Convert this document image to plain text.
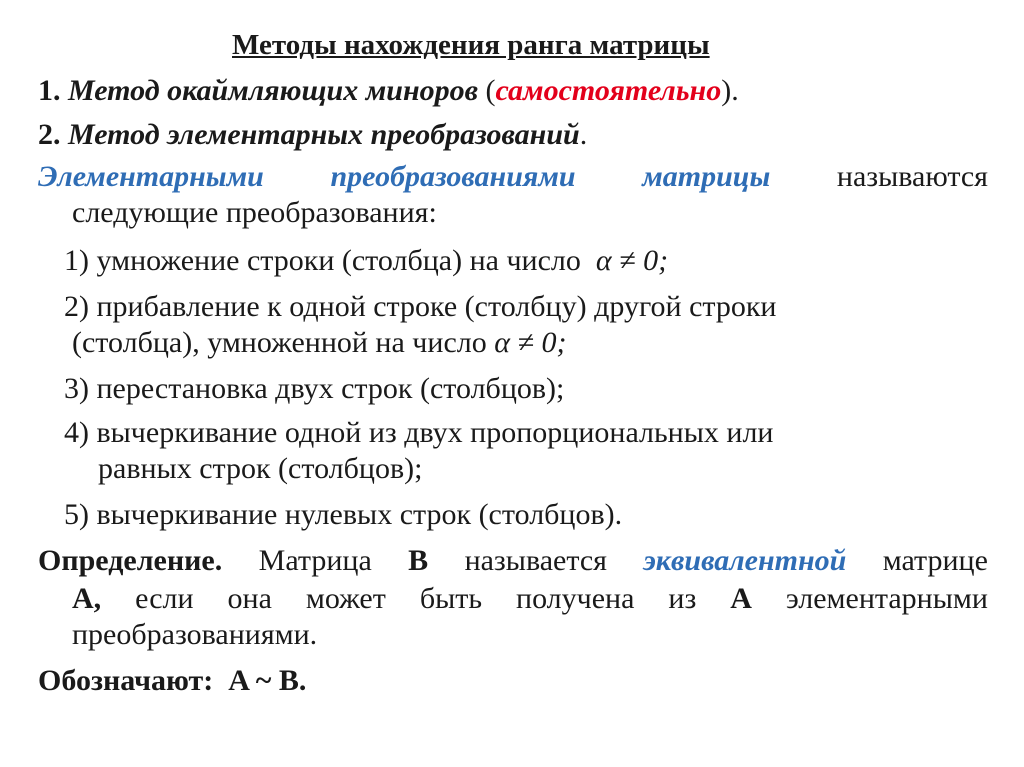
Методы нахождения ранга матрицы
1. Метод окаймляющих миноров (самостоятельно).
2. Метод элементарных преобразований.
Элементарными преобразованиями матрицы называются
следующие преобразования:
1) умножение строки (столбца) на число α ≠ 0;
2) прибавление к одной строке (столбцу) другой строки
(столбца), умноженной на число α ≠ 0;
3) перестановка двух строк (столбцов);
4) вычеркивание одной из двух пропорциональных или
равных строк (столбцов);
5) вычеркивание нулевых строк (столбцов).
Определение. Матрица B называется эквивалентной матрице
A, если она может быть получена из A элементарными
преобразованиями.
Обозначают: A ~ B.
